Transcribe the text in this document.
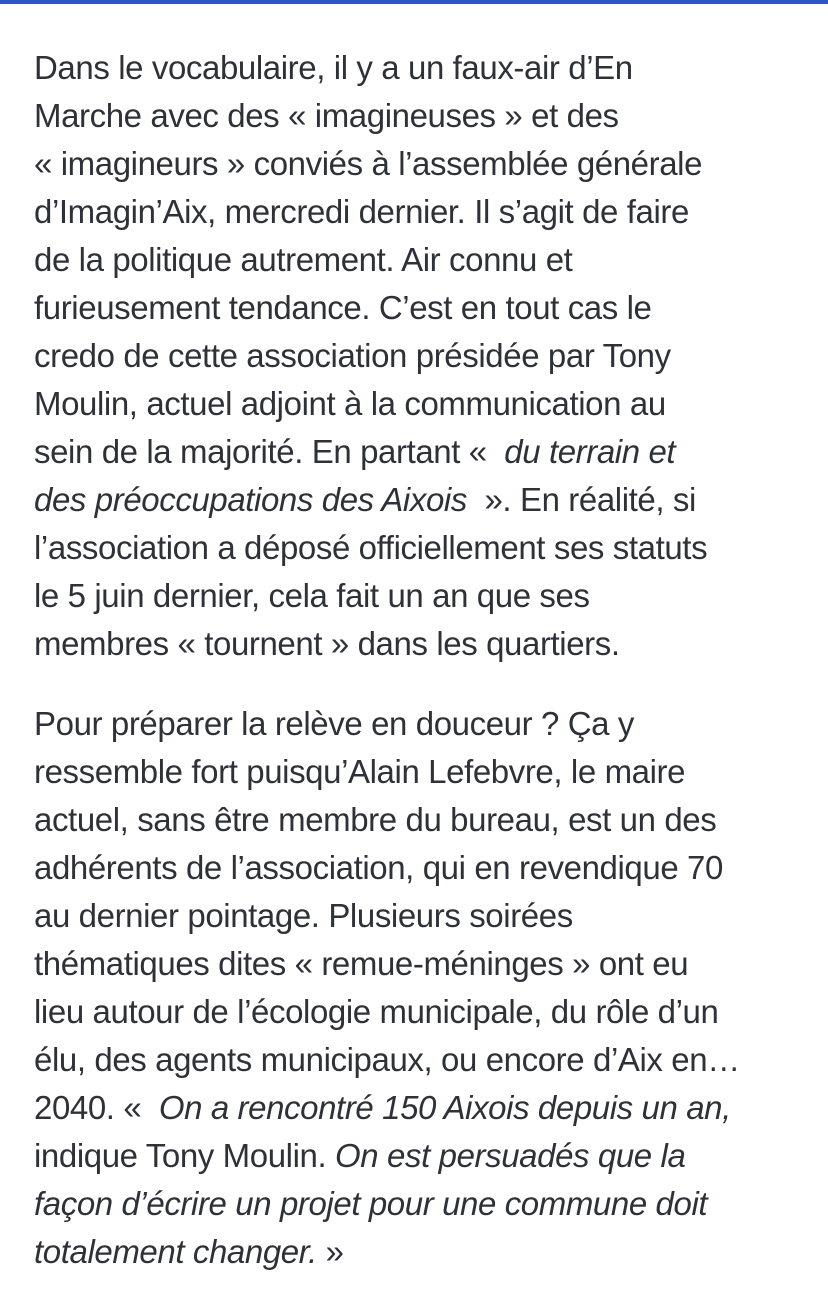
Dans le vocabulaire, il y a un faux-air d’En
Marche avec des « imagineuses » et des
« imagineurs » conviés à l’assemblée générale
d’Imagin’Aix, mercredi dernier. Il s’agit de faire
de la politique autrement. Air connu et
furieusement tendance. C’est en tout cas le
credo de cette association présidée par Tony
Moulin, actuel adjoint à la communication au
sein de la majorité. En partant «  du terrain et
des préoccupations des Aixois  ». En réalité, si
l’association a déposé officiellement ses statuts
le 5 juin dernier, cela fait un an que ses
membres « tournent » dans les quartiers.
Pour préparer la relève en douceur ? Ça y
ressemble fort puisqu’Alain Lefebvre, le maire
actuel, sans être membre du bureau, est un des
adhérents de l’association, qui en revendique 70
au dernier pointage. Plusieurs soirées
thématiques dites « remue-méninges » ont eu
lieu autour de l’écologie municipale, du rôle d’un
élu, des agents municipaux, ou encore d’Aix en…
2040. «  On a rencontré 150 Aixois depuis un an,
indique Tony Moulin. On est persuadés que la
façon d’écrire un projet pour une commune doit
totalement changer. »
